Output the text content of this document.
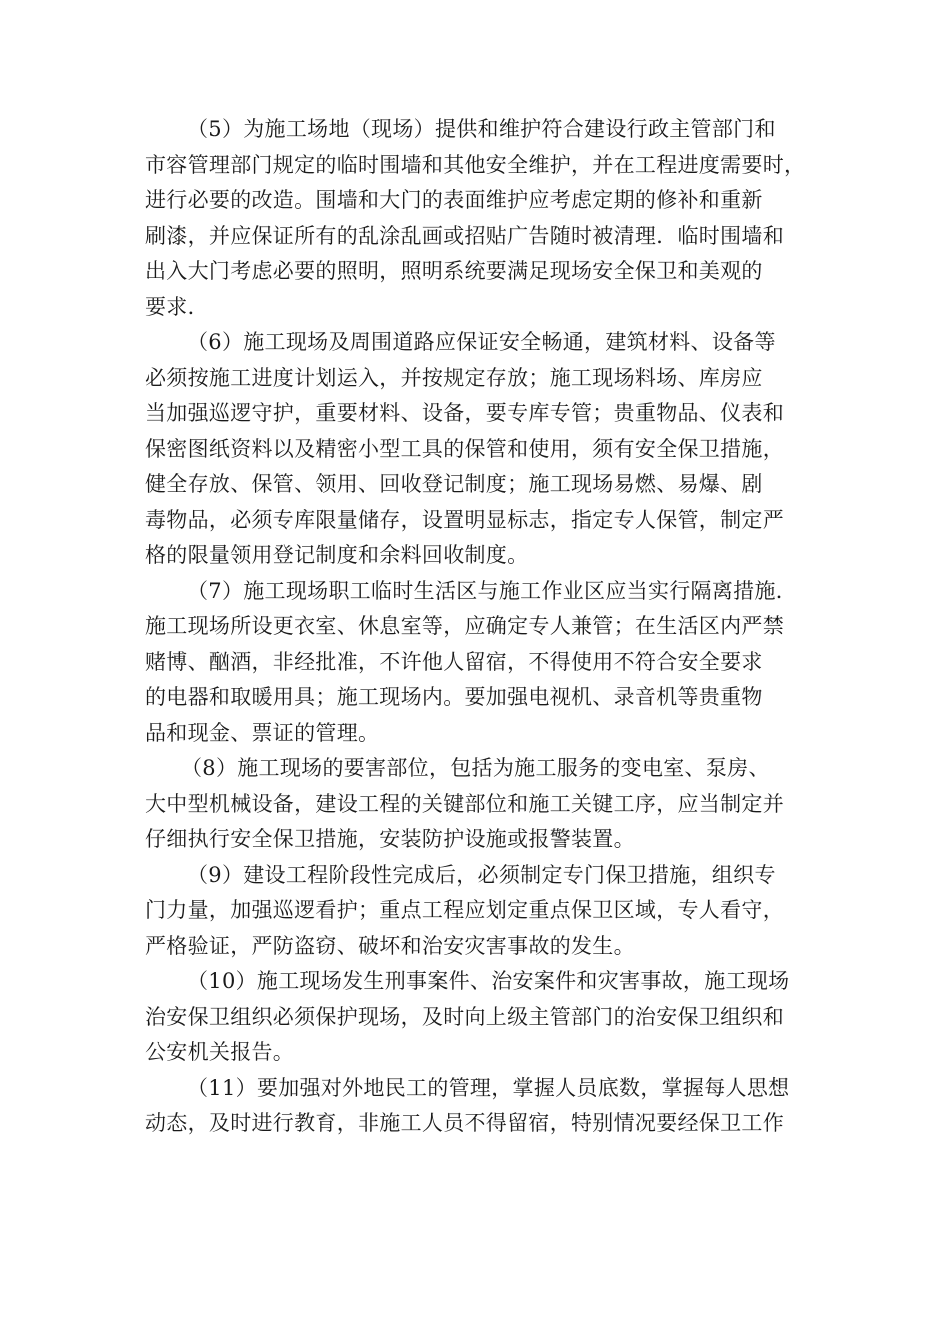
（5）为施工场地（现场）提供和维护符合建设行政主管部门和
市容管理部门规定的临时围墙和其他安全维护，并在工程进度需要时，
进行必要的改造。围墙和大门的表面维护应考虑定期的修补和重新
刷漆，并应保证所有的乱涂乱画或招贴广告随时被清理．临时围墙和
出入大门考虑必要的照明，照明系统要满足现场安全保卫和美观的
要求．
（6）施工现场及周围道路应保证安全畅通，建筑材料、设备等
必须按施工进度计划运入，并按规定存放；施工现场料场、库房应
当加强巡逻守护，重要材料、设备，要专库专管；贵重物品、仪表和
保密图纸资料以及精密小型工具的保管和使用，须有安全保卫措施，
健全存放、保管、领用、回收登记制度；施工现场易燃、易爆、剧
毒物品，必须专库限量储存，设置明显标志，指定专人保管，制定严
格的限量领用登记制度和余料回收制度。
（7）施工现场职工临时生活区与施工作业区应当实行隔离措施．
施工现场所设更衣室、休息室等，应确定专人兼管；在生活区内严禁
赌博、酗酒，非经批准，不许他人留宿，不得使用不符合安全要求
的电器和取暖用具；施工现场内。要加强电视机、录音机等贵重物
品和现金、票证的管理。
（8）施工现场的要害部位，包括为施工服务的变电室、泵房、
大中型机械设备，建设工程的关键部位和施工关键工序，应当制定并
仔细执行安全保卫措施，安装防护设施或报警装置。
（9）建设工程阶段性完成后，必须制定专门保卫措施，组织专
门力量，加强巡逻看护；重点工程应划定重点保卫区域，专人看守，
严格验证，严防盗窃、破坏和治安灾害事故的发生。
（10）施工现场发生刑事案件、治安案件和灾害事故，施工现场
治安保卫组织必须保护现场，及时向上级主管部门的治安保卫组织和
公安机关报告。
（11）要加强对外地民工的管理，掌握人员底数，掌握每人思想
动态，及时进行教育，非施工人员不得留宿，特别情况要经保卫工作
